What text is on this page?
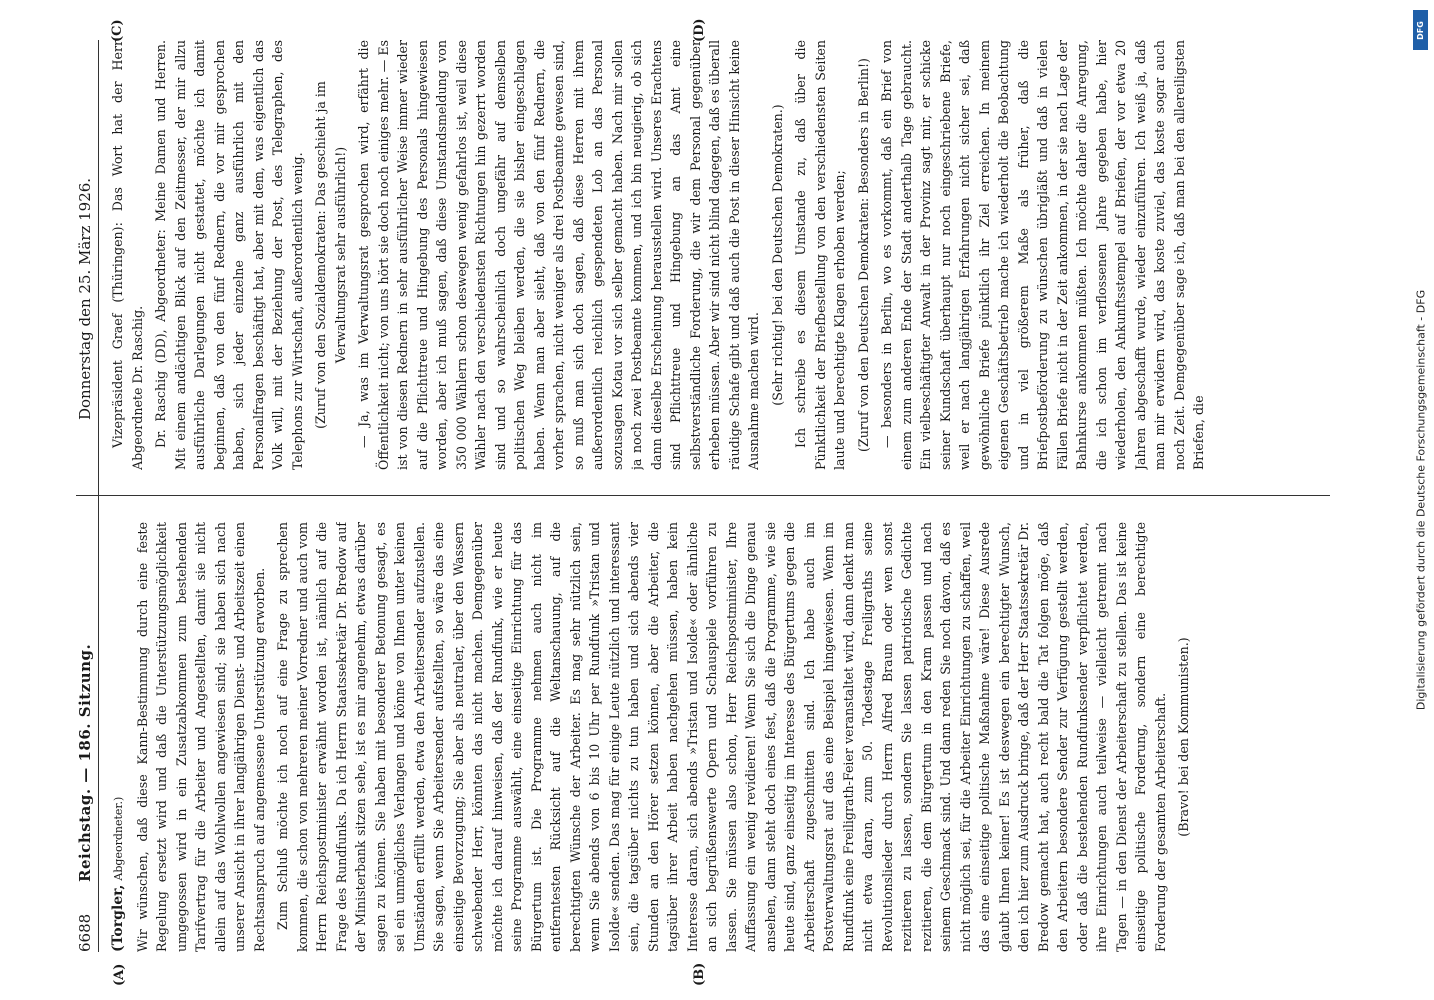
6688
Reichstag. — 186. Sitzung.
Donnerstag den 25. März 1926.
(A)	(B)
(C)	(D)

(Torgler, Abgeordneter.) Wir wünschen, daß diese Kann-Bestimmung durch eine feste Regelung ersetzt wird und daß die Unterstützungsmöglichkeit umgegossen wird in ein Zusatzabkommen zum bestehenden Tarifvertrag für die Arbeiter und Angestellten, damit sie nicht allein auf das Wohlwollen angewiesen sind; sie haben sich nach unserer Ansicht in ihrer langjährigen Dienst- und Arbeitszeit einen Rechtsanspruch auf angemessene Unterstützung erworben. Zum Schluß möchte ich noch auf eine Frage zu sprechen kommen, die schon von mehreren meiner Vorredner und auch vom Herrn Reichspostminister erwähnt worden ist, nämlich auf die Frage des Rundfunks. Da ich Herrn Staatssekretär Dr. Bredow auf der Ministerbank sitzen sehe, ist es mir angenehm, etwas darüber sagen zu können. Sie haben mit besonderer Betonung gesagt, es sei ein unmögliches Verlangen und könne von Ihnen unter keinen Umständen erfüllt werden, etwa den Arbeitersender aufzustellen. Sie sagen, wenn Sie Arbeitersender aufstellten, so wäre das eine einseitige Bevorzugung; Sie aber als neutraler, über den Wassern schwebender Herr, könnten das nicht machen. Demgegenüber möchte ich darauf hinweisen, daß der Rundfunk, wie er heute seine Programme auswählt, eine einseitige Einrichtung für das Bürgertum ist. Die Programme nehmen auch nicht im entferntesten Rücksicht auf die Weltanschauung, auf die berechtigten Wünsche der Arbeiter. Es mag sehr nützlich sein, wenn Sie abends von 6 bis 10 Uhr per Rundfunk »Tristan und Isolde« senden. Das mag für einige Leute nützlich und interessant sein, die tagsüber nichts zu tun haben und sich abends vier Stunden an den Hörer setzen können, aber die Arbeiter, die tagsüber ihrer Arbeit haben nachgehen müssen, haben kein Interesse daran, sich abends »Tristan und Isolde« oder ähnliche an sich begrüßenswerte Opern und Schauspiele vorführen zu lassen. Sie müssen also schon, Herr Reichspostminister, Ihre Auffassung ein wenig revidieren! Wenn Sie sich die Dinge genau ansehen, dann steht doch eines fest, daß die Programme, wie sie heute sind, ganz einseitig im Interesse des Bürgertums gegen die Arbeiterschaft zugeschnitten sind. Ich habe auch im Postverwaltungsrat auf das eine Beispiel hingewiesen. Wenn im Rundfunk eine Freiligrath-Feier veranstaltet wird, dann denkt man nicht etwa daran, zum 50. Todestage Freiligraths seine Revolutionslieder durch Herrn Alfred Braun oder wen sonst rezitieren zu lassen, sondern Sie lassen patriotische Gedichte rezitieren, die dem Bürgertum in den Kram passen und nach seinem Geschmack sind. Und dann reden Sie noch davon, daß es nicht möglich sei, für die Arbeiter Einrichtungen zu schaffen, weil das eine einseitige politische Maßnahme wäre! Diese Ausrede glaubt Ihnen keiner! Es ist deswegen ein berechtigter Wunsch, den ich hier zum Ausdruck bringe, daß der Herr Staatssekretär Dr. Bredow gemacht hat, auch recht bald die Tat folgen möge, daß den Arbeitern besondere Sender zur Verfügung gestellt werden, oder daß die bestehenden Rundfunksender verpflichtet werden, ihre Einrichtungen auch teilweise — vielleicht getrennt nach Tagen — in den Dienst der Arbeiterschaft zu stellen. Das ist keine einseitige politische Forderung, sondern eine berechtigte Forderung der gesamten Arbeiterschaft. (Bravo! bei den Kommunisten.)

Vizepräsident Graef (Thüringen): Das Wort hat der Herr Abgeordnete Dr. Raschig. Dr. Raschig (DD), Abgeordneter: Meine Damen und Herren. Mit einem andächtigen Blick auf den Zeitmesser, der mir allzu ausführliche Darlegungen nicht gestattet, möchte ich damit beginnen, daß von den fünf Rednern, die vor mir gesprochen haben, sich jeder einzelne ganz ausführlich mit den Personalfragen beschäftigt hat, aber mit dem, was eigentlich das Volk will, mit der Beziehung der Post, des Telegraphen, des Telephons zur Wirtschaft, außerordentlich wenig. (Zuruf von den Sozialdemokraten: Das geschieht ja im Verwaltungsrat sehr ausführlich!) — Ja, was im Verwaltungsrat gesprochen wird, erfährt die Öffentlichkeit nicht; von uns hört sie doch noch einiges mehr. — Es ist von diesen Rednern in sehr ausführlicher Weise immer wieder auf die Pflichttreue und Hingebung des Personals hingewiesen worden, aber ich muß sagen, daß diese Umstandsmeldung von 350 000 Wählern schon deswegen wenig gefahrlos ist, weil diese Wähler nach den verschiedensten Richtungen hin gezerrt worden sind und so wahrscheinlich doch ungefähr auf demselben politischen Weg bleiben werden, die sie bisher eingeschlagen haben. Wenn man aber sieht, daß von den fünf Rednern, die vorher sprachen, nicht weniger als drei Postbeamte gewesen sind, so muß man sich doch sagen, daß diese Herren mit ihrem außerordentlich reichlich gespendeten Lob an das Personal sozusagen Kotau vor sich selber gemacht haben. Nach mir sollen ja noch zwei Postbeamte kommen, und ich bin neugierig, ob sich dann dieselbe Erscheinung herausstellen wird. Unseres Erachtens sind Pflichttreue und Hingebung an das Amt eine selbstverständliche Forderung, die wir dem Personal gegenüber erheben müssen. Aber wir sind nicht blind dagegen, daß es überall räudige Schafe gibt und daß auch die Post in dieser Hinsicht keine Ausnahme machen wird. (Sehr richtig! bei den Deutschen Demokraten.) Ich schreibe es diesem Umstande zu, daß über die Pünktlichkeit der Briefbestellung von den verschiedensten Seiten laute und berechtigte Klagen erhoben werden; (Zuruf von den Deutschen Demokraten: Besonders in Berlin!) — besonders in Berlin, wo es vorkommt, daß ein Brief von einem zum anderen Ende der Stadt anderthalb Tage gebraucht. Ein vielbeschäftigter Anwalt in der Provinz sagt mir, er schicke seiner Kundschaft überhaupt nur noch eingeschriebene Briefe, weil er nach langjährigen Erfahrungen nicht sicher sei, daß gewöhnliche Briefe pünktlich ihr Ziel erreichen. In meinem eigenen Geschäftsbetrieb mache ich wiederholt die Beobachtung und in viel größerem Maße als früher, daß die Briefpostbeförderung zu wünschen übrigläßt und daß in vielen Fällen Briefe nicht in der Zeit ankommen, in der sie nach Lage der Bahnkurse ankommen müßten. Ich möchte daher die Anregung, die ich schon im verflossenen Jahre gegeben habe, hier wiederholen, den Ankunftsstempel auf Briefen, der vor etwa 20 Jahren abgeschafft wurde, wieder einzuführen. Ich weiß ja, daß man mir erwidern wird, das koste zuviel, das koste sogar auch noch Zeit. Demgegenüber sage ich, daß man bei den allereiligsten Briefen, die

DFG
Digitalisierung gefördert durch die Deutsche Forschungsgemeinschaft - DFG
